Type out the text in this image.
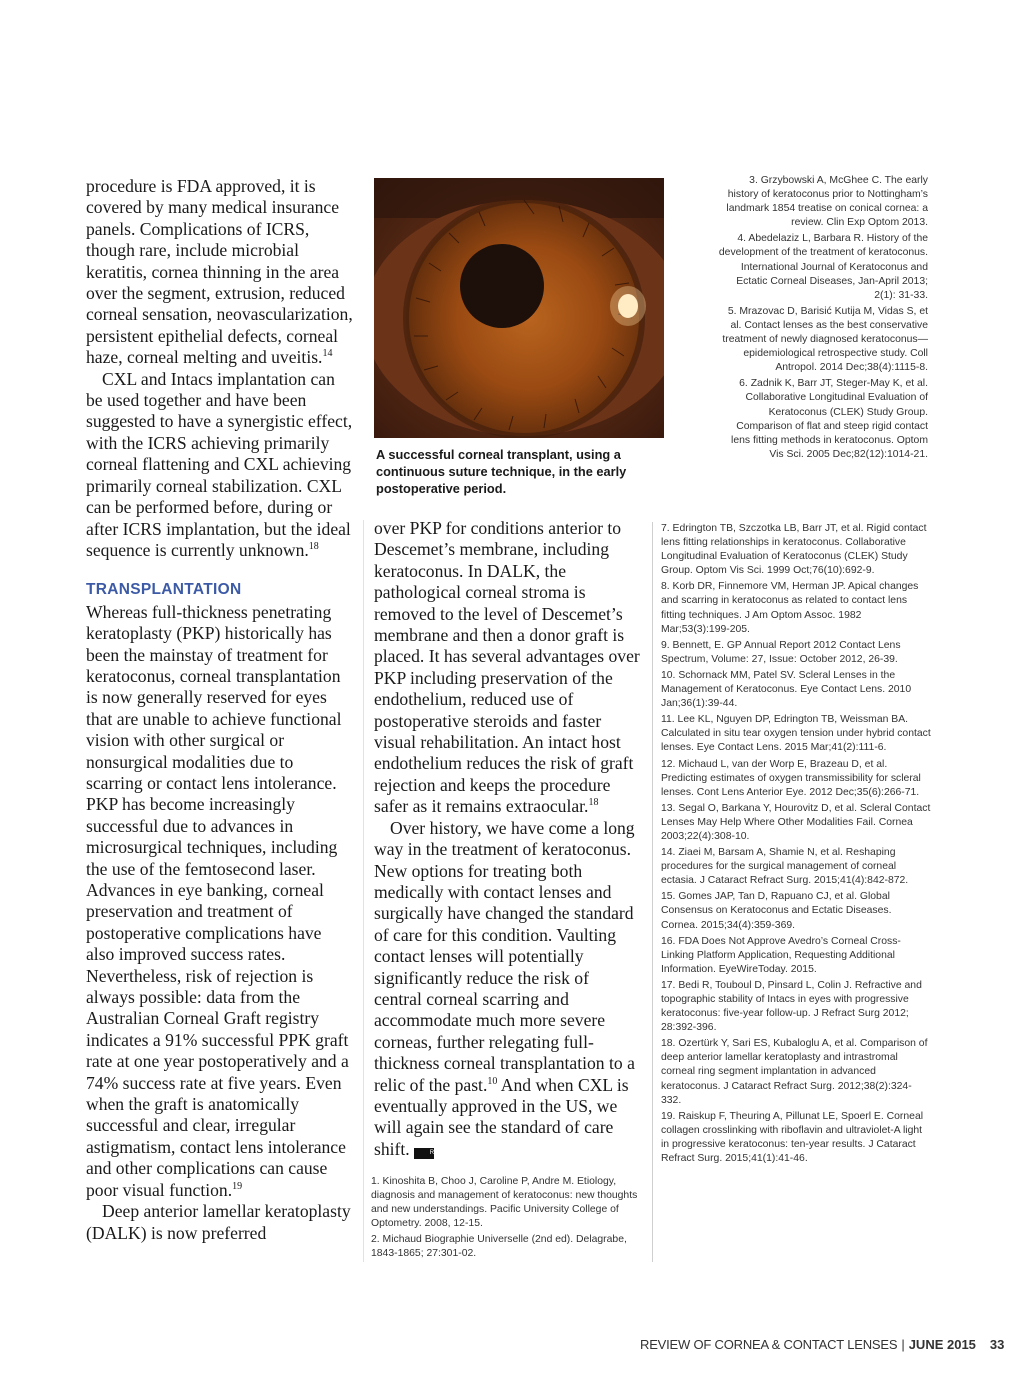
procedure is FDA approved, it is covered by many medical insurance panels. Complications of ICRS, though rare, include microbial keratitis, cornea thinning in the area over the segment, extrusion, reduced corneal sensation, neovascularization, persistent epithelial defects, corneal haze, corneal melting and uveitis.$^{14}$

CXL and Intacs implantation can be used together and have been suggested to have a synergistic effect, with the ICRS achieving primarily corneal flattening and CXL achieving primarily corneal stabilization. CXL can be performed before, during or after ICRS implantation, but the ideal sequence is currently unknown.$^{18}$

TRANSPLANTATION

Whereas full-thickness penetrating keratoplasty (PKP) historically has been the mainstay of treatment for keratoconus, corneal transplantation is now generally reserved for eyes that are unable to achieve functional vision with other surgical or nonsurgical modalities due to scarring or contact lens intolerance. PKP has become increasingly successful due to advances in microsurgical techniques, including the use of the femtosecond laser. Advances in eye banking, corneal preservation and treatment of postoperative complications have also improved success rates. Nevertheless, risk of rejection is always possible: data from the Australian Corneal Graft registry indicates a 91% successful PPK graft rate at one year postoperatively and a 74% success rate at five years. Even when the graft is anatomically successful and clear, irregular astigmatism, contact lens intolerance and other complications can cause poor visual function.$^{19}$

Deep anterior lamellar keratoplasty (DALK) is now preferred

A successful corneal transplant, using a continuous suture technique, in the early postoperative period.

3. Grzybowski A, McGhee C. The early history of keratoconus prior to Nottingham’s landmark 1854 treatise on conical cornea: a review. Clin Exp Optom 2013.

4. Abedelaziz L, Barbara R. History of the development of the treatment of keratoconus. International Journal of Keratoconus and Ectatic Corneal Diseases, Jan-April 2013; 2(1): 31-33.

5. Mrazovac D, Barisić Kutija M, Vidas S, et al. Contact lenses as the best conservative treatment of newly diagnosed keratoconus—epidemiological retrospective study. Coll Antropol. 2014 Dec;38(4):1115-8.

6. Zadnik K, Barr JT, Steger-May K, et al. Collaborative Longitudinal Evaluation of Keratoconus (CLEK) Study Group. Comparison of flat and steep rigid contact lens fitting methods in keratoconus. Optom Vis Sci. 2005 Dec;82(12):1014-21.

over PKP for conditions anterior to Descemet’s membrane, including keratoconus. In DALK, the pathological corneal stroma is removed to the level of Descemet’s membrane and then a donor graft is placed. It has several advantages over PKP including preservation of the endothelium, reduced use of postoperative steroids and faster visual rehabilitation. An intact host endothelium reduces the risk of graft rejection and keeps the procedure safer as it remains extraocular.$^{18}$

Over history, we have come a long way in the treatment of keratoconus. New options for treating both medically with contact lenses and surgically have changed the standard of care for this condition. Vaulting contact lenses will potentially significantly reduce the risk of central corneal scarring and accommodate much more severe corneas, further relegating full-thickness corneal transplantation to a relic of the past.$^{10}$ And when CXL is eventually approved in the US, we will again see the standard of care shift.	RCCL

7. Edrington TB, Szczotka LB, Barr JT, et al. Rigid contact lens fitting relationships in keratoconus. Collaborative Longitudinal Evaluation of Keratoconus (CLEK) Study Group. Optom Vis Sci. 1999 Oct;76(10):692-9.

8. Korb DR, Finnemore VM, Herman JP. Apical changes and scarring in keratoconus as related to contact lens fitting techniques. J Am Optom Assoc. 1982 Mar;53(3):199-205.

9. Bennett, E. GP Annual Report 2012 Contact Lens Spectrum, Volume: 27, Issue: October 2012, 26-39.

10. Schornack MM, Patel SV. Scleral Lenses in the Management of Keratoconus. Eye Contact Lens. 2010 Jan;36(1):39-44.

11. Lee KL, Nguyen DP, Edrington TB, Weissman BA. Calculated in situ tear oxygen tension under hybrid contact lenses. Eye Contact Lens. 2015 Mar;41(2):111-6.

12. Michaud L, van der Worp E, Brazeau D, et al. Predicting estimates of oxygen transmissibility for scleral lenses. Cont Lens Anterior Eye. 2012 Dec;35(6):266-71.

13. Segal O, Barkana Y, Hourovitz D, et al. Scleral Contact Lenses May Help Where Other Modalities Fail. Cornea 2003;22(4):308-10.

14. Ziaei M, Barsam A, Shamie N, et al. Reshaping procedures for the surgical management of corneal ectasia. J Cataract Refract Surg. 2015;41(4):842-872.

15. Gomes JAP, Tan D, Rapuano CJ, et al. Global Consensus on Keratoconus and Ectatic Diseases. Cornea. 2015;34(4):359-369.

16. FDA Does Not Approve Avedro’s Corneal Cross-Linking Platform Application, Requesting Additional Information. EyeWireToday. 2015.

17. Bedi R, Touboul D, Pinsard L, Colin J. Refractive and topographic stability of Intacs in eyes with progressive keratoconus: five-year follow-up. J Refract Surg 2012; 28:392-396.

18. Ozertürk Y, Sari ES, Kubaloglu A, et al. Comparison of deep anterior lamellar keratoplasty and intrastromal corneal ring segment implantation in advanced keratoconus. J Cataract Refract Surg. 2012;38(2):324-332.

19. Raiskup F, Theuring A, Pillunat LE, Spoerl E. Corneal collagen crosslinking with riboflavin and ultraviolet-A light in progressive keratoconus: ten-year results. J Cataract Refract Surg. 2015;41(1):41-46.

1. Kinoshita B, Choo J, Caroline P, Andre M. Etiology, diagnosis and management of keratoconus: new thoughts and new understandings. Pacific University College of Optometry. 2008, 12-15.

2. Michaud Biographie Universelle (2nd ed). Delagrabe, 1843-1865; 27:301-02.

REVIEW OF CORNEA & CONTACT LENSES | JUNE 2015 33
